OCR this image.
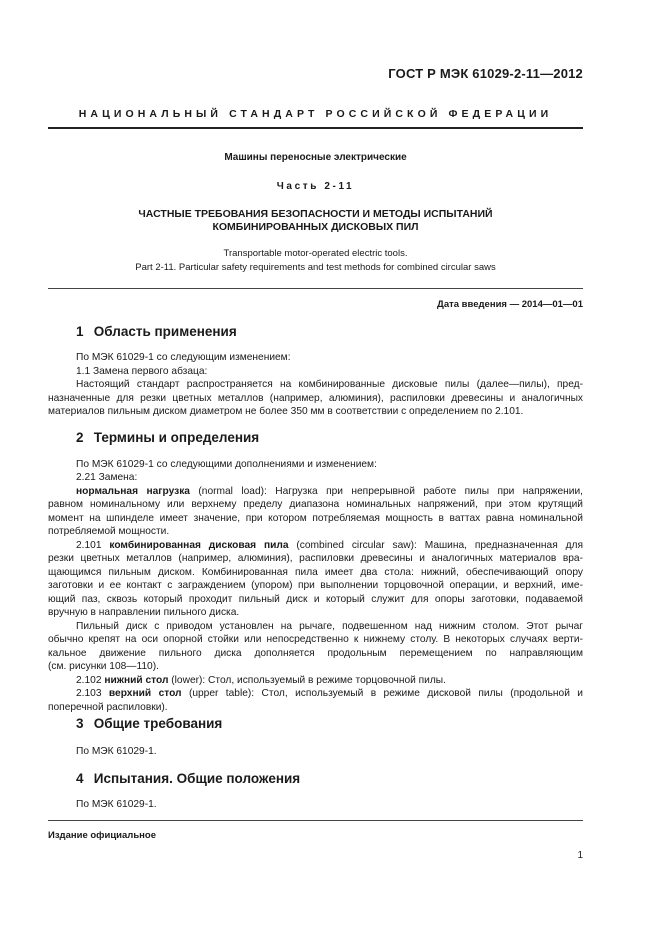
ГОСТ Р МЭК 61029-2-11—2012
НАЦИОНАЛЬНЫЙ СТАНДАРТ РОССИЙСКОЙ ФЕДЕРАЦИИ
Машины переносные электрические
Часть 2-11
ЧАСТНЫЕ ТРЕБОВАНИЯ БЕЗОПАСНОСТИ И МЕТОДЫ ИСПЫТАНИЙ
КОМБИНИРОВАННЫХ ДИСКОВЫХ ПИЛ
Transportable motor-operated electric tools.
Part 2-11. Particular safety requirements and test methods for combined circular saws
Дата введения — 2014—01—01
1 Область применения
По МЭК 61029-1 со следующим изменением:
1.1 Замена первого абзаца:
Настоящий стандарт распространяется на комбинированные дисковые пилы (далее—пилы), пред-
назначенные для резки цветных металлов (например, алюминия), распиловки древесины и аналогичных
материалов пильным диском диаметром не более 350 мм в соответствии с определением по 2.101.
2 Термины и определения
По МЭК 61029-1 со следующими дополнениями и изменением:
2.21 Замена:
нормальная нагрузка (normal load): Нагрузка при непрерывной работе пилы при напряжении,
равном номинальному или верхнему пределу диапазона номинальных напряжений, при этом крутящий
момент на шпинделе имеет значение, при котором потребляемая мощность в ваттах равна номинальной
потребляемой мощности.
2.101 комбинированная дисковая пила (combined circular saw): Машина, предназначенная для
резки цветных металлов (например, алюминия), распиловки древесины и аналогичных материалов вра-
щающимся пильным диском. Комбинированная пила имеет два стола: нижний, обеспечивающий опору
заготовки и ее контакт с заграждением (упором) при выполнении торцовочной операции, и верхний, име-
ющий паз, сквозь который проходит пильный диск и который служит для опоры заготовки, подаваемой
вручную в направлении пильного диска.
Пильный диск с приводом установлен на рычаге, подвешенном над нижним столом. Этот рычаг
обычно крепят на оси опорной стойки или непосредственно к нижнему столу. В некоторых случаях верти-
кальное движение пильного диска дополняется продольным перемещением по направляющим
(см. рисунки 108—110).
2.102 нижний стол (lower): Стол, используемый в режиме торцовочной пилы.
2.103 верхний стол (upper table): Стол, используемый в режиме дисковой пилы (продольной и
поперечной распиловки).
3 Общие требования
По МЭК 61029-1.
4 Испытания. Общие положения
По МЭК 61029-1.
Издание официальное
1
